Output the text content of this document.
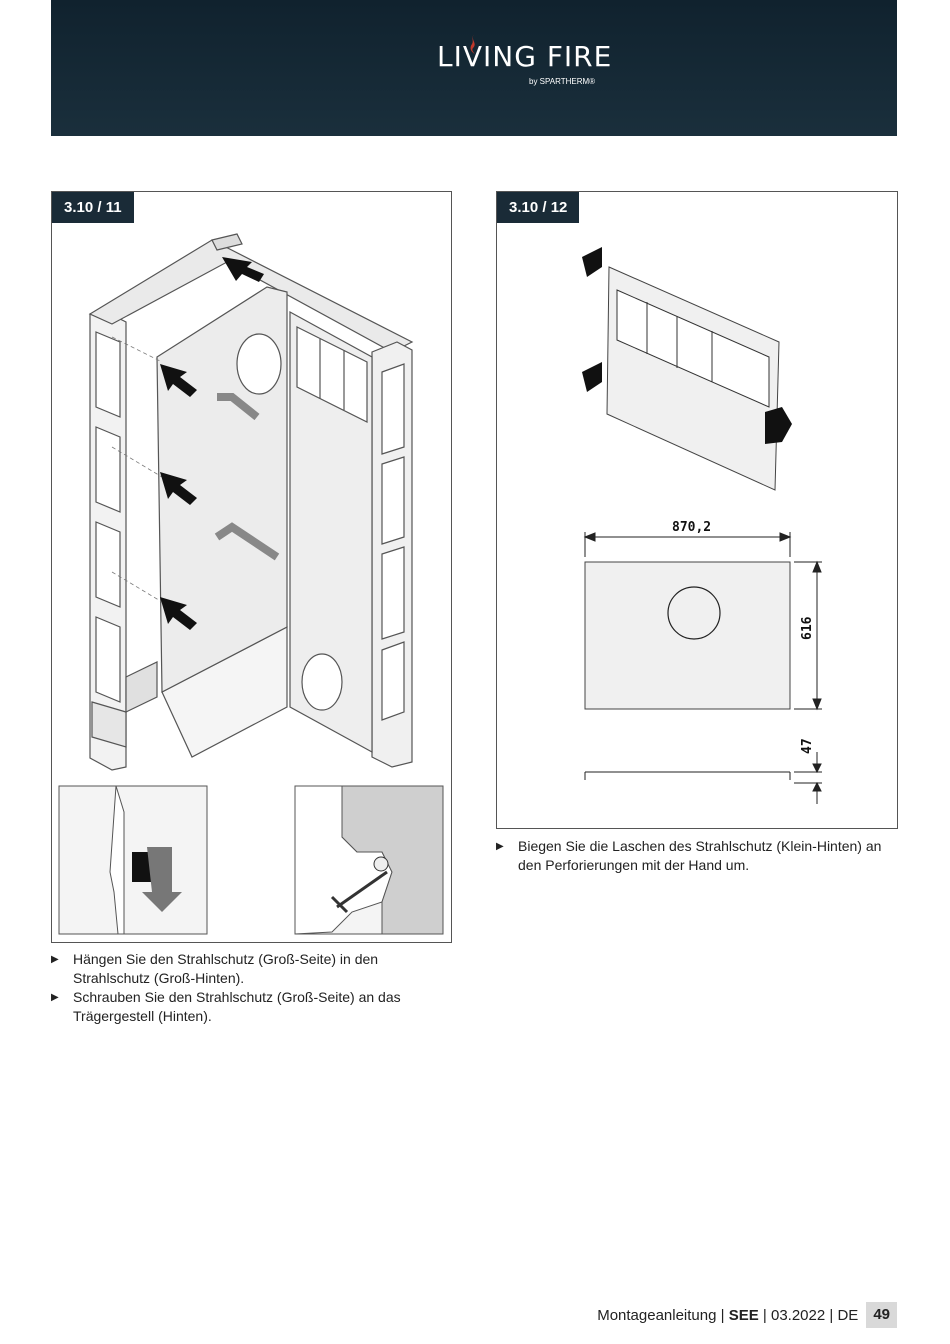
LIVING FIRE
by SPARTHERM®
3.10 / 11	3.10 / 12
870,2
616
47
▶ Hängen Sie den Strahlschutz (Groß-Seite) in den Strahlschutz (Groß-Hinten).
▶ Schrauben Sie den Strahlschutz (Groß-Seite) an das Trägergestell (Hinten).
▶ Biegen Sie die Laschen des Strahlschutz (Klein-Hinten) an den Perforierungen mit der Hand um.
Montageanleitung
|
SEE
|
03.2022
|
DE	49
